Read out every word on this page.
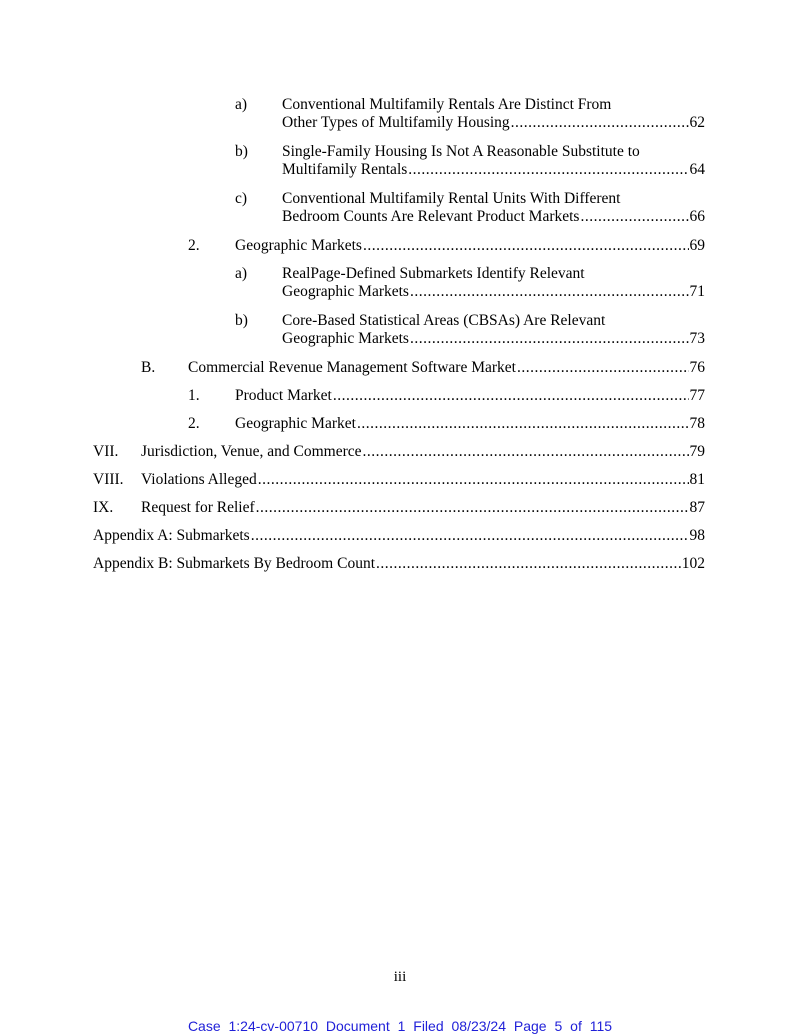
a) Conventional Multifamily Rentals Are Distinct From
Other Types of Multifamily Housing .....	62
b) Single-Family Housing Is Not A Reasonable Substitute to
Multifamily Rentals .....	64
c) Conventional Multifamily Rental Units With Different
Bedroom Counts Are Relevant Product Markets .....	66
2. Geographic Markets .....	69
a) RealPage-Defined Submarkets Identify Relevant
Geographic Markets .....	71
b) Core-Based Statistical Areas (CBSAs) Are Relevant
Geographic Markets .....	73
B. Commercial Revenue Management Software Market .....	76
1. Product Market .....	77
2. Geographic Market .....	78
VII. Jurisdiction, Venue, and Commerce .....	79
VIII. Violations Alleged .....	81
IX. Request for Relief .....	87
Appendix A: Submarkets .....	98
Appendix B: Submarkets By Bedroom Count .....	102
iii
Case 1:24-cv-00710 Document 1 Filed 08/23/24 Page 5 of 115
